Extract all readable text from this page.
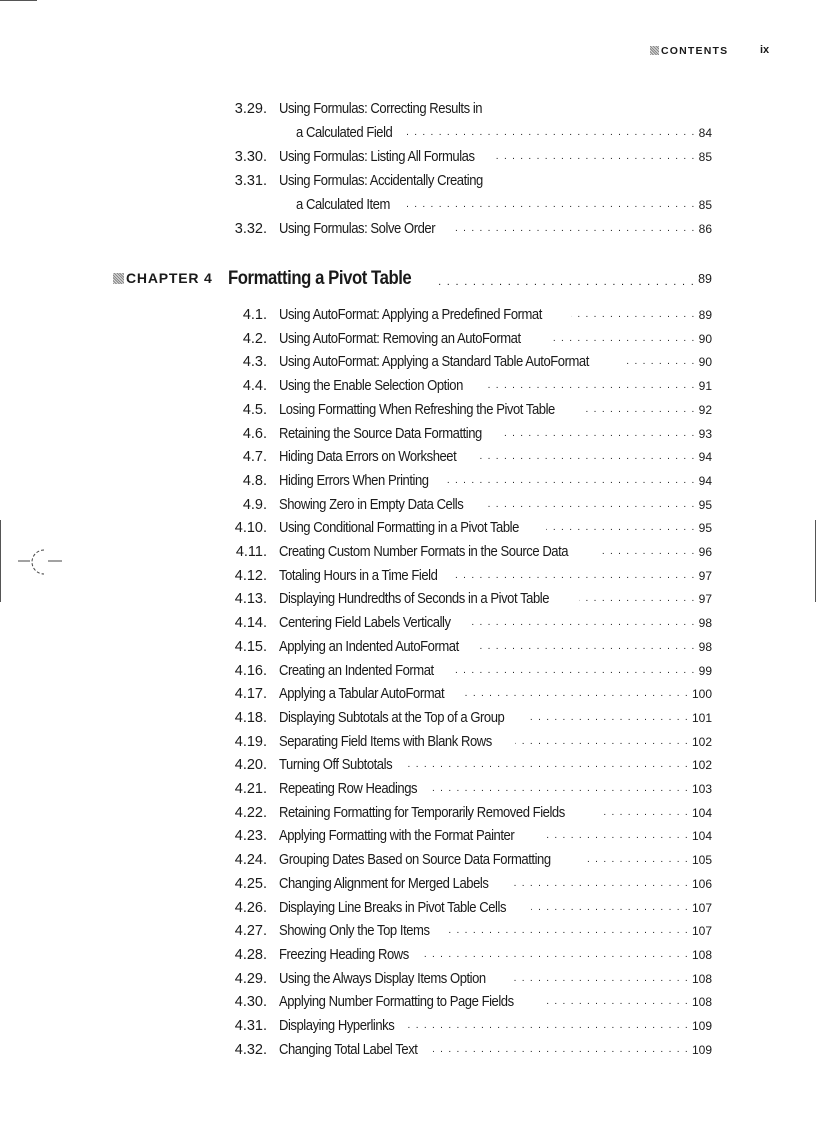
CONTENTS	ix
3.29. Using Formulas: Correcting Results in
a Calculated Field . . .	84
3.30. Using Formulas: Listing All Formulas . . .	85
3.31. Using Formulas: Accidentally Creating
a Calculated Item . . .	85
3.32. Using Formulas: Solve Order . . .	86
CHAPTER 4 Formatting a Pivot Table . . .	89
4.1. Using AutoFormat: Applying a Predefined Format . . .	89
4.2. Using AutoFormat: Removing an AutoFormat . . .	90
4.3. Using AutoFormat: Applying a Standard Table AutoFormat . . .	90
4.4. Using the Enable Selection Option . . .	91
4.5. Losing Formatting When Refreshing the Pivot Table . . .	92
4.6. Retaining the Source Data Formatting . . .	93
4.7. Hiding Data Errors on Worksheet . . .	94
4.8. Hiding Errors When Printing . . .	94
4.9. Showing Zero in Empty Data Cells . . .	95
4.10. Using Conditional Formatting in a Pivot Table . . .	95
4.11. Creating Custom Number Formats in the Source Data . . .	96
4.12. Totaling Hours in a Time Field . . .	97
4.13. Displaying Hundredths of Seconds in a Pivot Table . . .	97
4.14. Centering Field Labels Vertically . . .	98
4.15. Applying an Indented AutoFormat . . .	98
4.16. Creating an Indented Format . . .	99
4.17. Applying a Tabular AutoFormat . . .	100
4.18. Displaying Subtotals at the Top of a Group . . .	101
4.19. Separating Field Items with Blank Rows . . .	102
4.20. Turning Off Subtotals . . .	102
4.21. Repeating Row Headings . . .	103
4.22. Retaining Formatting for Temporarily Removed Fields . . .	104
4.23. Applying Formatting with the Format Painter . . .	104
4.24. Grouping Dates Based on Source Data Formatting . . .	105
4.25. Changing Alignment for Merged Labels . . .	106
4.26. Displaying Line Breaks in Pivot Table Cells . . .	107
4.27. Showing Only the Top Items . . .	107
4.28. Freezing Heading Rows . . .	108
4.29. Using the Always Display Items Option . . .	108
4.30. Applying Number Formatting to Page Fields . . .	108
4.31. Displaying Hyperlinks . . .	109
4.32. Changing Total Label Text . . .	109
